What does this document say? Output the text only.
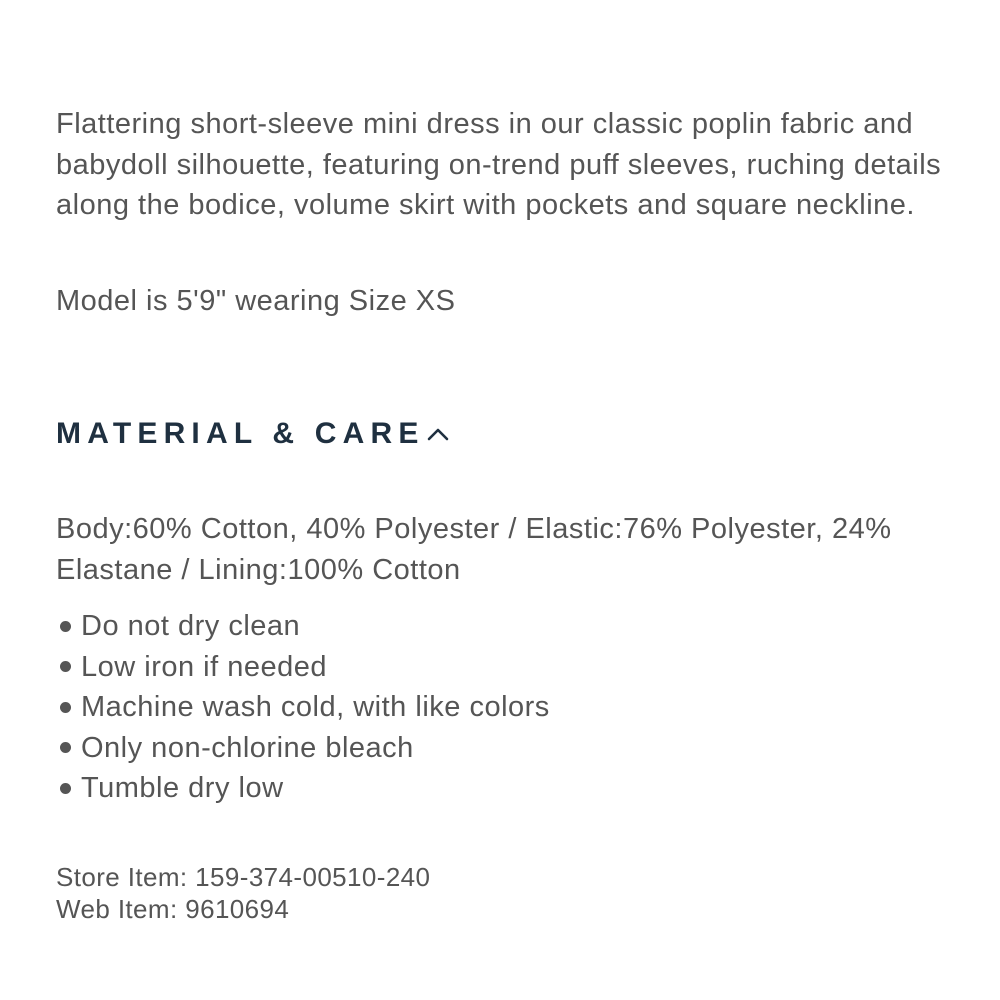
Flattering short-sleeve mini dress in our classic poplin fabric and babydoll silhouette, featuring on-trend puff sleeves, ruching details along the bodice, volume skirt with pockets and square neckline.

Model is 5'9" wearing Size XS

MATERIAL & CARE

Body:60% Cotton, 40% Polyester / Elastic:76% Polyester, 24% Elastane / Lining:100% Cotton

Do not dry clean
Low iron if needed
Machine wash cold, with like colors
Only non-chlorine bleach
Tumble dry low
Store Item: 159-374-00510-240
Web Item: 9610694
